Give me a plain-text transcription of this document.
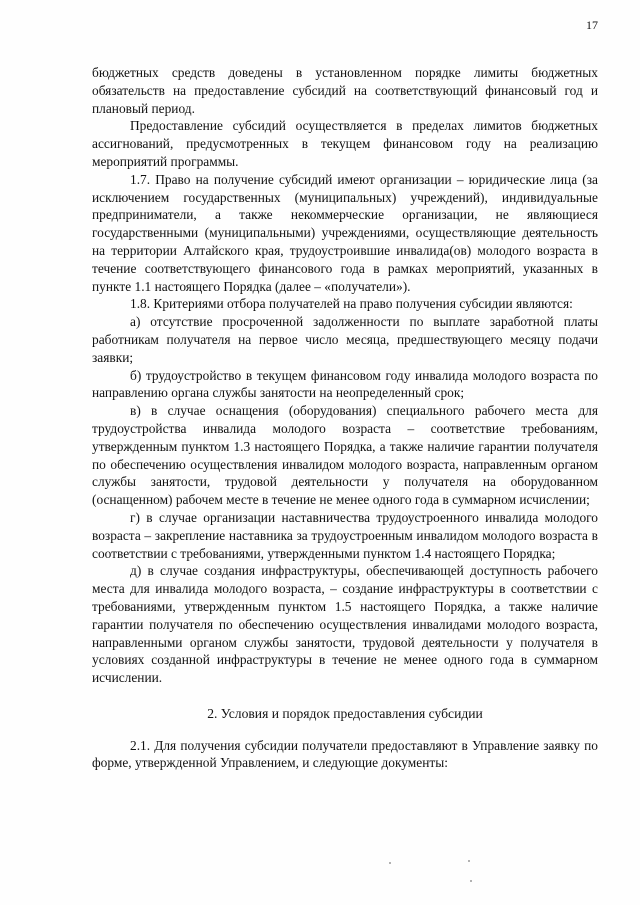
17

бюджетных средств доведены в установленном порядке лимиты бюджетных обязательств на предоставление субсидий на соответствующий финансовый год и плановый период.

Предоставление субсидий осуществляется в пределах лимитов бюджетных ассигнований, предусмотренных в текущем финансовом году на реализацию мероприятий программы.

1.7. Право на получение субсидий имеют организации – юридические лица (за исключением государственных (муниципальных) учреждений), индивидуальные предприниматели, а также некоммерческие организации, не являющиеся государственными (муниципальными) учреждениями, осуществляющие деятельность на территории Алтайского края, трудоустроившие инвалида(ов) молодого возраста в течение соответствующего финансового года в рамках мероприятий, указанных в пункте 1.1 настоящего Порядка (далее – «получатели»).

1.8. Критериями отбора получателей на право получения субсидии являются:

а) отсутствие просроченной задолженности по выплате заработной платы работникам получателя на первое число месяца, предшествующего месяцу подачи заявки;

б) трудоустройство в текущем финансовом году инвалида молодого возраста по направлению органа службы занятости на неопределенный срок;

в) в случае оснащения (оборудования) специального рабочего места для трудоустройства инвалида молодого возраста – соответствие требованиям, утвержденным пунктом 1.3 настоящего Порядка, а также наличие гарантии получателя по обеспечению осуществления инвалидом молодого возраста, направленным органом службы занятости, трудовой деятельности у получателя на оборудованном (оснащенном) рабочем месте в течение не менее одного года в суммарном исчислении;

г) в случае организации наставничества трудоустроенного инвалида молодого возраста – закрепление наставника за трудоустроенным инвалидом молодого возраста в соответствии с требованиями, утвержденными пунктом 1.4 настоящего Порядка;

д) в случае создания инфраструктуры, обеспечивающей доступность рабочего места для инвалида молодого возраста, – создание инфраструктуры в соответствии с требованиями, утвержденным пунктом 1.5 настоящего Порядка, а также наличие гарантии получателя по обеспечению осуществления инвалидами молодого возраста, направленными органом службы занятости, трудовой деятельности у получателя в условиях созданной инфраструктуры в течение не менее одного года в суммарном исчислении.

2. Условия и порядок предоставления субсидии

2.1. Для получения субсидии получатели предоставляют в Управление заявку по форме, утвержденной Управлением, и следующие документы:
